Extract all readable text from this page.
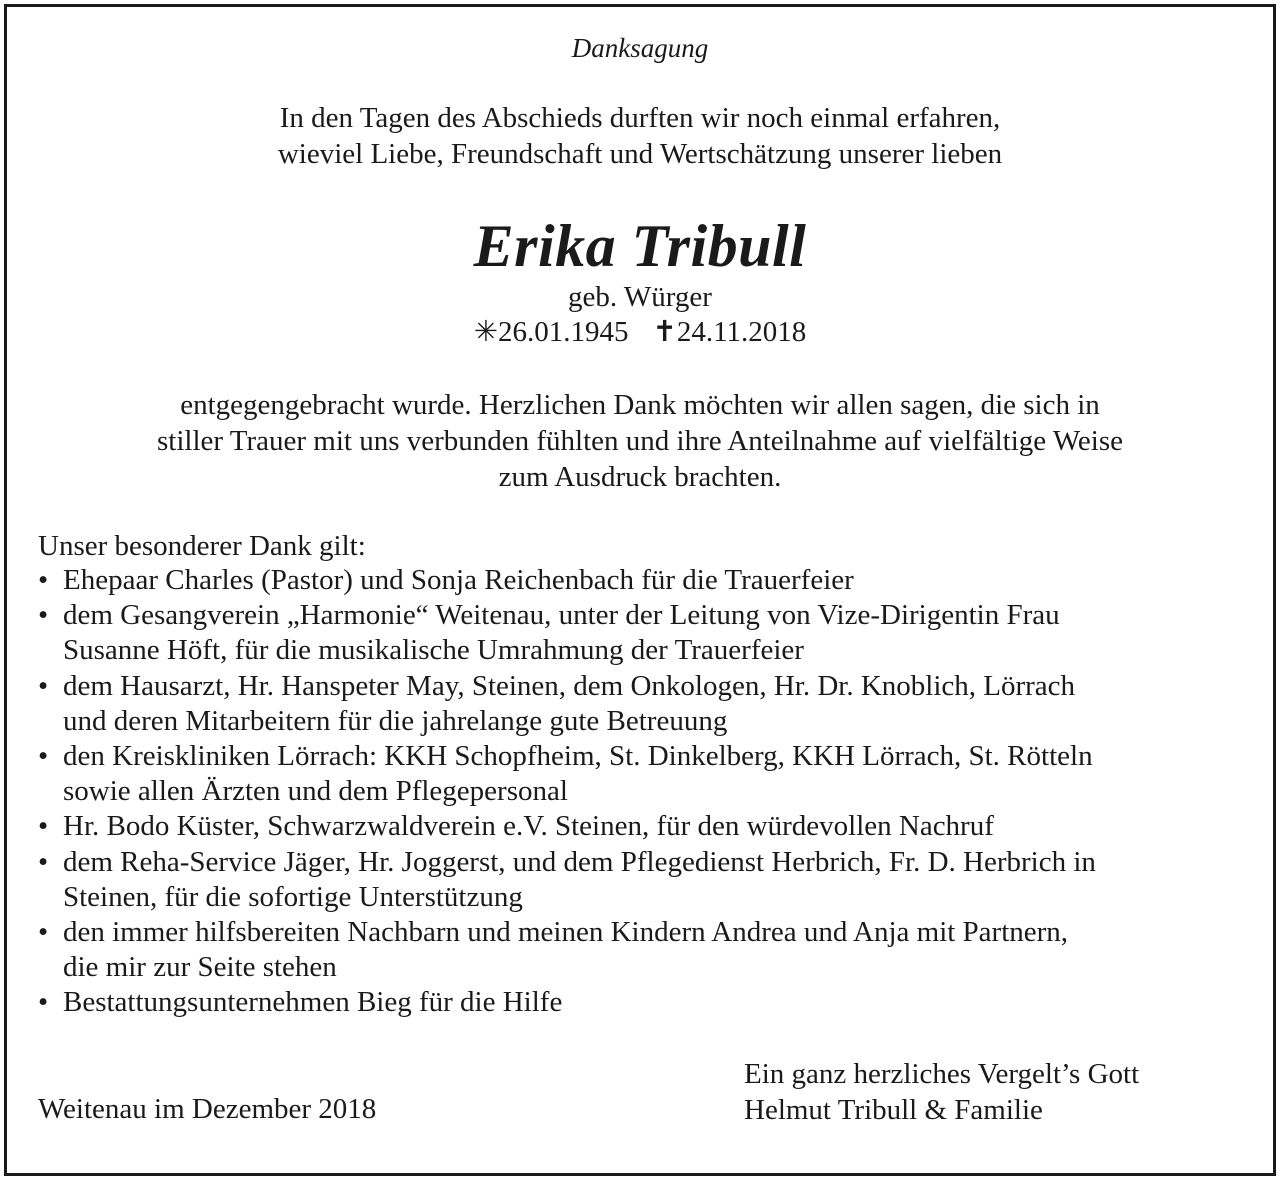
Danksagung
In den Tagen des Abschieds durften wir noch einmal erfahren,
wieviel Liebe, Freundschaft und Wertschätzung unserer lieben
Erika Tribull
geb. Würger
✳26.01.1945 ✝24.11.2018
entgegengebracht wurde. Herzlichen Dank möchten wir allen sagen, die sich in
stiller Trauer mit uns verbunden fühlten und ihre Anteilnahme auf vielfältige Weise
zum Ausdruck brachten.
Unser besonderer Dank gilt:
• Ehepaar Charles (Pastor) und Sonja Reichenbach für die Trauerfeier
• dem Gesangverein „Harmonie“ Weitenau, unter der Leitung von Vize-Dirigentin Frau
Susanne Höft, für die musikalische Umrahmung der Trauerfeier
• dem Hausarzt, Hr. Hanspeter May, Steinen, dem Onkologen, Hr. Dr. Knoblich, Lörrach
und deren Mitarbeitern für die jahrelange gute Betreuung
• den Kreiskliniken Lörrach: KKH Schopfheim, St. Dinkelberg, KKH Lörrach, St. Rötteln
sowie allen Ärzten und dem Pflegepersonal
• Hr. Bodo Küster, Schwarzwaldverein e.V. Steinen, für den würdevollen Nachruf
• dem Reha-Service Jäger, Hr. Joggerst, und dem Pflegedienst Herbrich, Fr. D. Herbrich in
Steinen, für die sofortige Unterstützung
• den immer hilfsbereiten Nachbarn und meinen Kindern Andrea und Anja mit Partnern,
die mir zur Seite stehen
• Bestattungsunternehmen Bieg für die Hilfe
Weitenau im Dezember 2018
Ein ganz herzliches Vergelt’s Gott
Helmut Tribull & Familie
